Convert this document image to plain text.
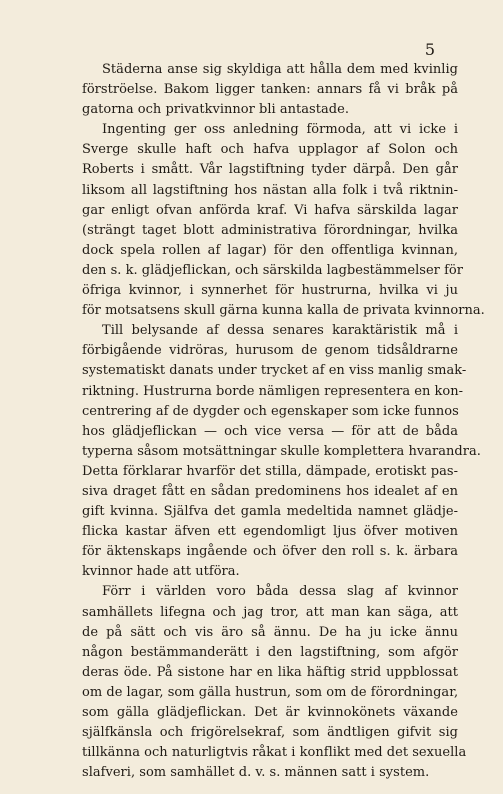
5
Städerna anse sig skyldiga att hålla dem med kvinlig
förströelse. Bakom ligger tanken: annars få vi bråk på
gatorna och privatkvinnor bli antastade.
Ingenting ger oss anledning förmoda, att vi icke i
Sverge skulle haft och hafva upplagor af Solon och
Roberts i smått. Vår lagstiftning tyder därpå. Den går
liksom all lagstiftning hos nästan alla folk i två riktnin-
gar enligt ofvan anförda kraf. Vi hafva särskilda lagar
(strängt taget blott administrativa förordningar, hvilka
dock spela rollen af lagar) för den offentliga kvinnan,
den s. k. glädjeflickan, och särskilda lagbestämmelser för
öfriga kvinnor, i synnerhet för hustrurna, hvilka vi ju
för motsatsens skull gärna kunna kalla de privata kvinnorna.
Till belysande af dessa senares karaktäristik må i
förbigående vidröras, hurusom de genom tidsåldrarne
systematiskt danats under trycket af en viss manlig smak-
riktning. Hustrurna borde nämligen representera en kon-
centrering af de dygder och egenskaper som icke funnos
hos glädjeflickan — och vice versa — för att de båda
typerna såsom motsättningar skulle komplettera hvarandra.
Detta förklarar hvarför det stilla, dämpade, erotiskt pas-
siva draget fått en sådan predominens hos idealet af en
gift kvinna. Själfva det gamla medeltida namnet glädje-
flicka kastar äfven ett egendomligt ljus öfver motiven
för äktenskaps ingående och öfver den roll s. k. ärbara
kvinnor hade att utföra.
Förr i världen voro båda dessa slag af kvinnor
samhällets lifegna och jag tror, att man kan säga, att
de på sätt och vis äro så ännu. De ha ju icke ännu
någon bestämmanderätt i den lagstiftning, som afgör
deras öde. På sistone har en lika häftig strid uppblossat
om de lagar, som gälla hustrun, som om de förordningar,
som gälla glädjeflickan. Det är kvinnokönets växande
själfkänsla och frigörelsekraf, som ändtligen gifvit sig
tillkänna och naturligtvis råkat i konflikt med det sexuella
slafveri, som samhället d. v. s. männen satt i system.
